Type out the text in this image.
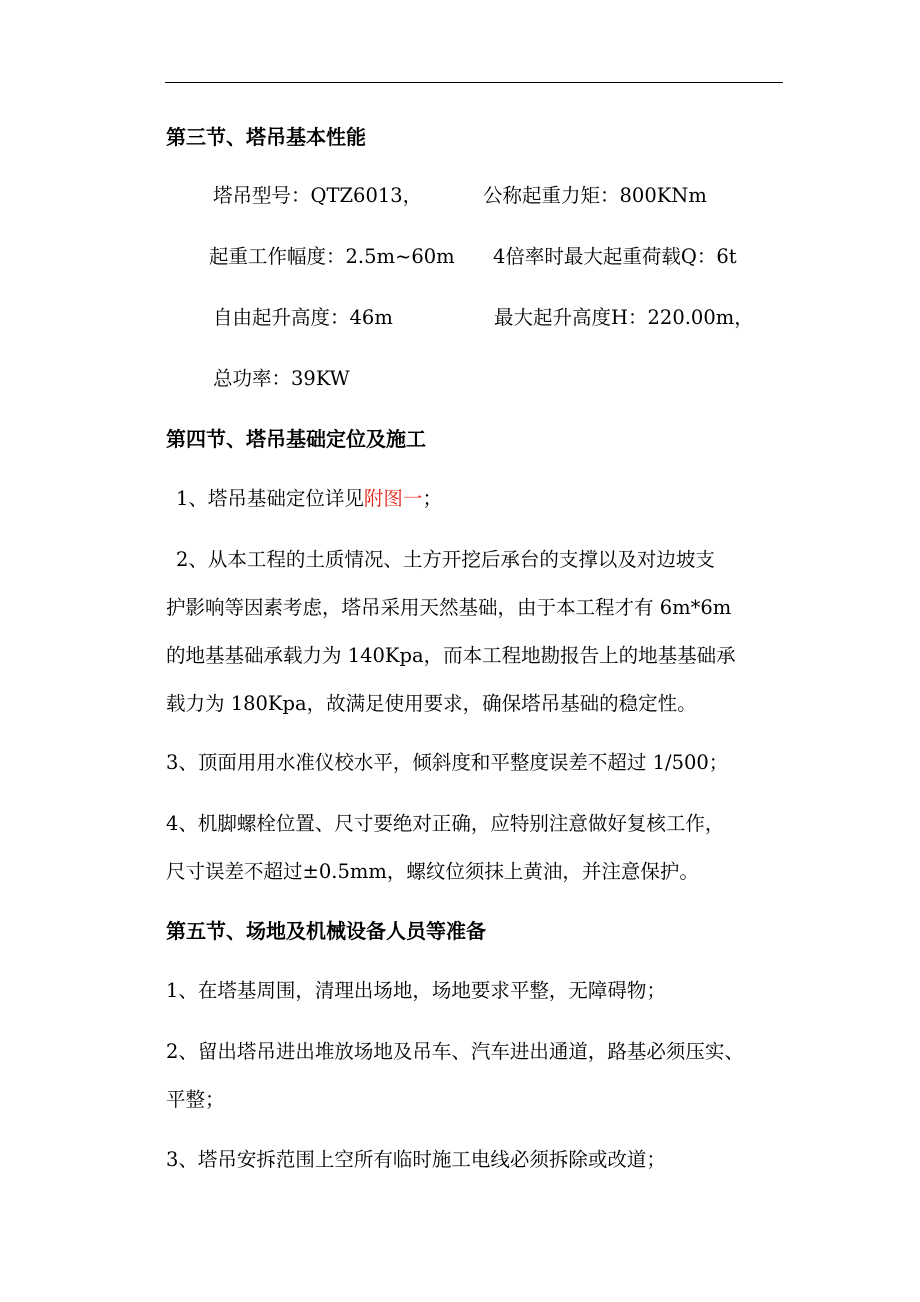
第三节、塔吊基本性能
塔吊型号：QTZ6013，	公称起重力矩：800KNm
起重工作幅度：2.5m~60m 4倍率时最大起重荷载Q：6t
自由起升高度：46m	最大起升高度H：220.00m，
总功率：39KW
第四节、塔吊基础定位及施工
1、塔吊基础定位详见附图一；
2、从本工程的土质情况、土方开挖后承台的支撑以及对边坡支
护影响等因素考虑，塔吊采用天然基础，由于本工程才有 6m*6m
的地基基础承载力为 140Kpa，而本工程地勘报告上的地基基础承
载力为 180Kpa，故满足使用要求，确保塔吊基础的稳定性。
3、顶面用用水准仪校水平，倾斜度和平整度误差不超过 1/500；
4、机脚螺栓位置、尺寸要绝对正确，应特别注意做好复核工作，
尺寸误差不超过±0.5mm，螺纹位须抹上黄油，并注意保护。
第五节、场地及机械设备人员等准备
1、在塔基周围，清理出场地，场地要求平整，无障碍物；
2、留出塔吊进出堆放场地及吊车、汽车进出通道，路基必须压实、
平整；
3、塔吊安拆范围上空所有临时施工电线必须拆除或改道；
